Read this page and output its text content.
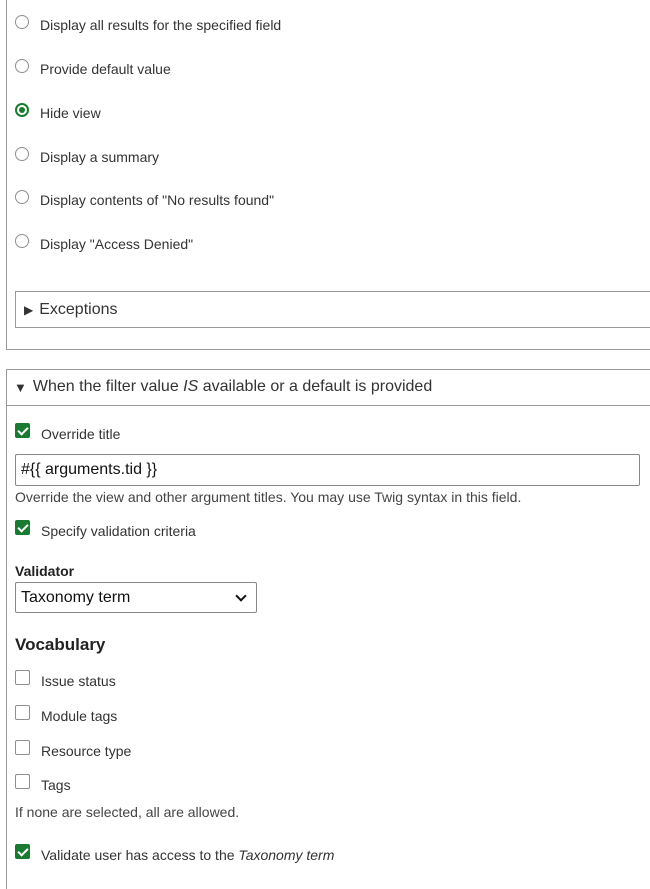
Display all results for the specified field
Provide default value
Hide view
Display a summary
Display contents of "No results found"
Display "Access Denied"
▶ Exceptions
▼ When the filter value IS available or a default is provided
Override title
#{{ arguments.tid }}
Override the view and other argument titles. You may use Twig syntax in this field.
Specify validation criteria
Validator
Taxonomy term
Vocabulary
Issue status
Module tags
Resource type
Tags
If none are selected, all are allowed.
Validate user has access to the Taxonomy term
